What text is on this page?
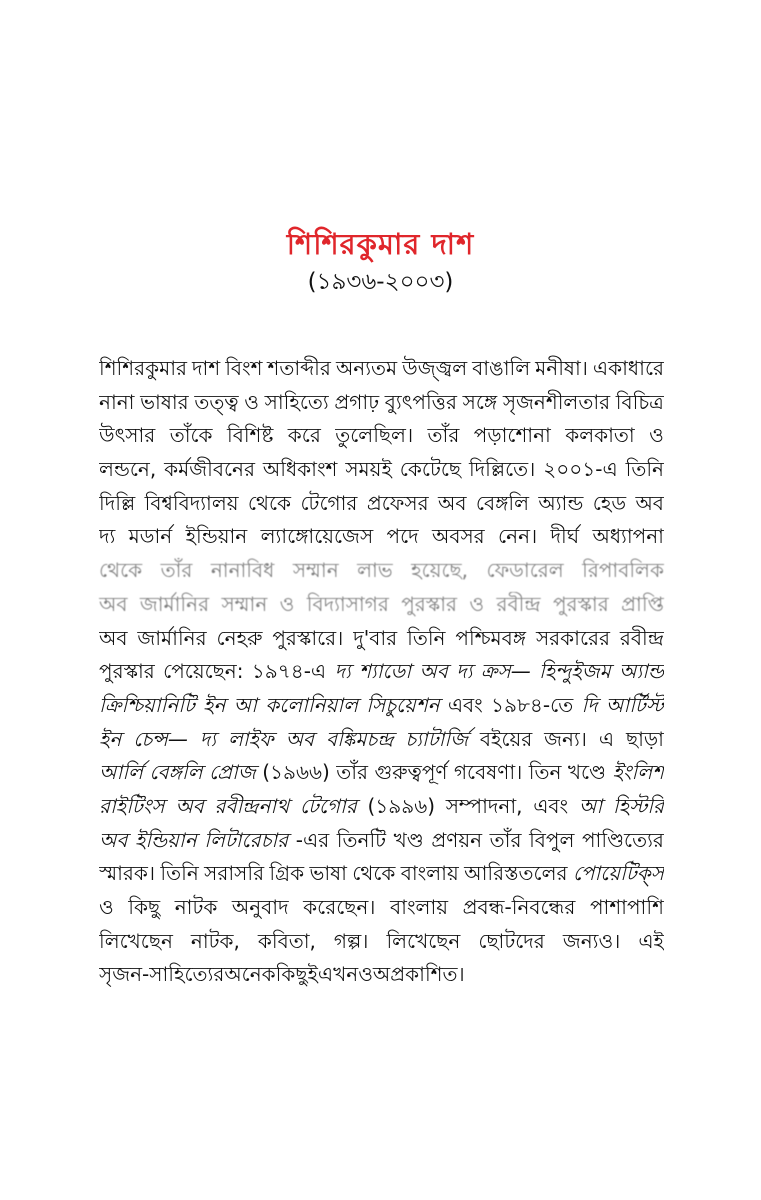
শিশিরকুমার দাশ
(১৯৩৬-২০০৩)
শিশিরকুমার দাশ বিংশ শতাব্দীর অন্যতম উজ্জ্বল বাঙালি মনীষা। একাধারে
নানা ভাষার তত্ত্ব ও সাহিত্যে প্রগাঢ় ব্যুৎপত্তির সঙ্গে সৃজনশীলতার বিচিত্র
উৎসার তাঁকে বিশিষ্ট করে তুলেছিল। তাঁর পড়াশোনা কলকাতা ও
লন্ডনে, কর্মজীবনের অধিকাংশ সময়ই কেটেছে দিল্লিতে। ২০০১-এ তিনি
দিল্লি বিশ্ববিদ্যালয় থেকে টেগোর প্রফেসর অব বেঙ্গলি অ্যান্ড হেড অব
দ্য মডার্ন ইন্ডিয়ান ল্যাঙ্গোয়েজেস পদে অবসর নেন। দীর্ঘ অধ্যাপনা
থেকে তাঁর নানাবিধ সম্মান লাভ হয়েছে, ফেডারেল রিপাবলিক
অব জার্মানির সম্মান ও বিদ্যাসাগর পুরস্কার ও রবীন্দ্র পুরস্কার প্রাপ্তি
অব জার্মানির নেহরু পুরস্কারে। দু'বার তিনি পশ্চিমবঙ্গ সরকারের রবীন্দ্র
পুরস্কার পেয়েছেন: ১৯৭৪-এ দ্য শ্যাডো অব দ্য ক্রস— হিন্দুইজম অ্যান্ড
ক্রিশ্চিয়ানিটি ইন আ কলোনিয়াল সিচুয়েশন এবং ১৯৮৪-তে দি আর্টিস্ট
ইন চেন্স— দ্য লাইফ অব বঙ্কিমচন্দ্র চ্যাটার্জি বইয়ের জন্য। এ ছাড়া
আর্লি বেঙ্গলি প্রোজ (১৯৬৬) তাঁর গুরুত্বপূর্ণ গবেষণা। তিন খণ্ডে ইংলিশ
রাইটিংস অব রবীন্দ্রনাথ টেগোর (১৯৯৬) সম্পাদনা, এবং আ হিস্টরি
অব ইন্ডিয়ান লিটারেচার -এর তিনটি খণ্ড প্রণয়ন তাঁর বিপুল পাণ্ডিত্যের
স্মারক। তিনি সরাসরি গ্রিক ভাষা থেকে বাংলায় আরিস্ততলের পোয়েটিক্‌স
ও কিছু নাটক অনুবাদ করেছেন। বাংলায় প্রবন্ধ-নিবন্ধের পাশাপাশি
লিখেছেন নাটক, কবিতা, গল্প। লিখেছেন ছোটদের জন্যও। এই
সৃজন-সাহিত্যের অনেক কিছুই এখনও অপ্রকাশিত।
